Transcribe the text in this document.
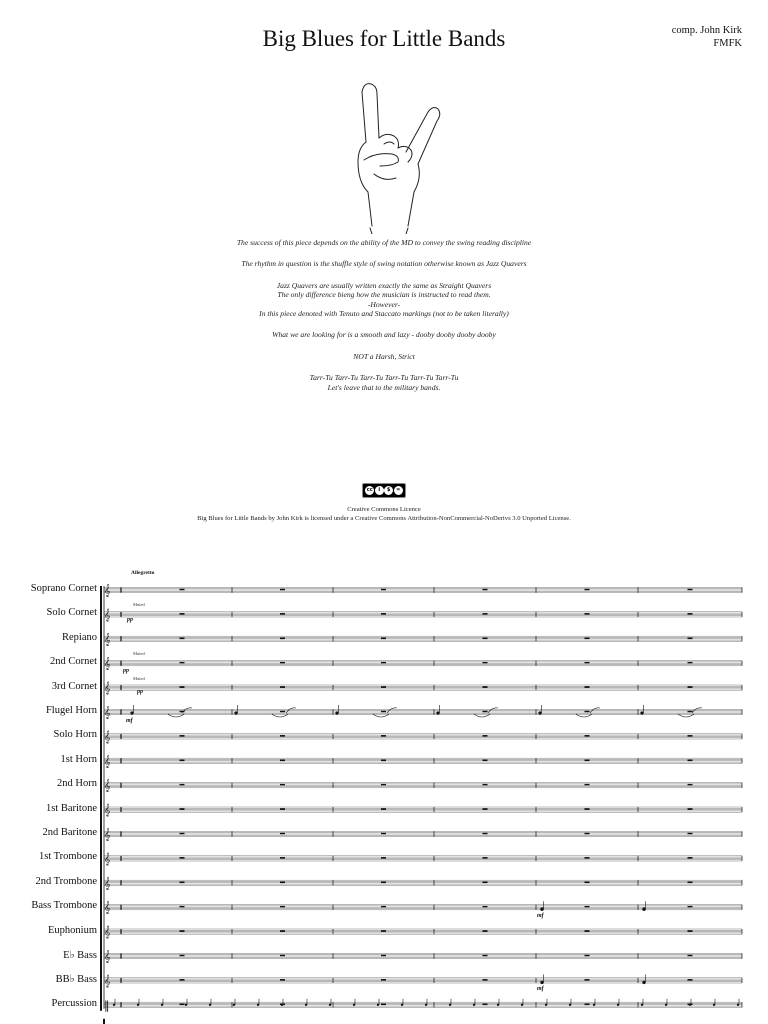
Big Blues for Little Bands	comp. John Kirk
FMFK
The success of this piece depends on the ability of the MD to convey the swing reading discipline
The rhythm in question is the shuffle style of swing notation otherwise known as Jazz Quavers
Jazz Quavers are usually written exactly the same as Straight Quavers
The only difference bieng how the musician is instructed to read them.
-However-
In this piece denoted with Tenuto and Staccato markings (not to be taken literally)
What we are looking for is a smooth and lazy - dooby dooby dooby dooby
NOT a Harsh, Strict
Tarr-Tu Tarr-Tu Tarr-Tu Tarr-Tu Tarr-Tu Tarr-Tu
Let's leave that to the military bands.
cc	i	$	=
Creative Commons Licence
Big Blues for Little Bands by John Kirk is licensed under a Creative Commons Attribution-NonCommercial-NoDerivs 3.0 Unported License.
Allegretto
Soprano Cornet
Solo Cornet
Repiano
2nd Cornet
3rd Cornet
Flugel Horn
Solo Horn
1st Horn
2nd Horn
1st Baritone
2nd Baritone
1st Trombone
2nd Trombone
Bass Trombone
Euphonium
E♭ Bass
BB♭ Bass
Percussion
Muted
pp
Muted
pp
Muted
pp
mf
mf
mf
𝄞
𝄞
𝄞
𝄞
𝄞
𝄞
𝄞
𝄞
𝄞
𝄞
𝄞
𝄞
𝄞
𝄞
𝄞
𝄞
𝄞
‖
